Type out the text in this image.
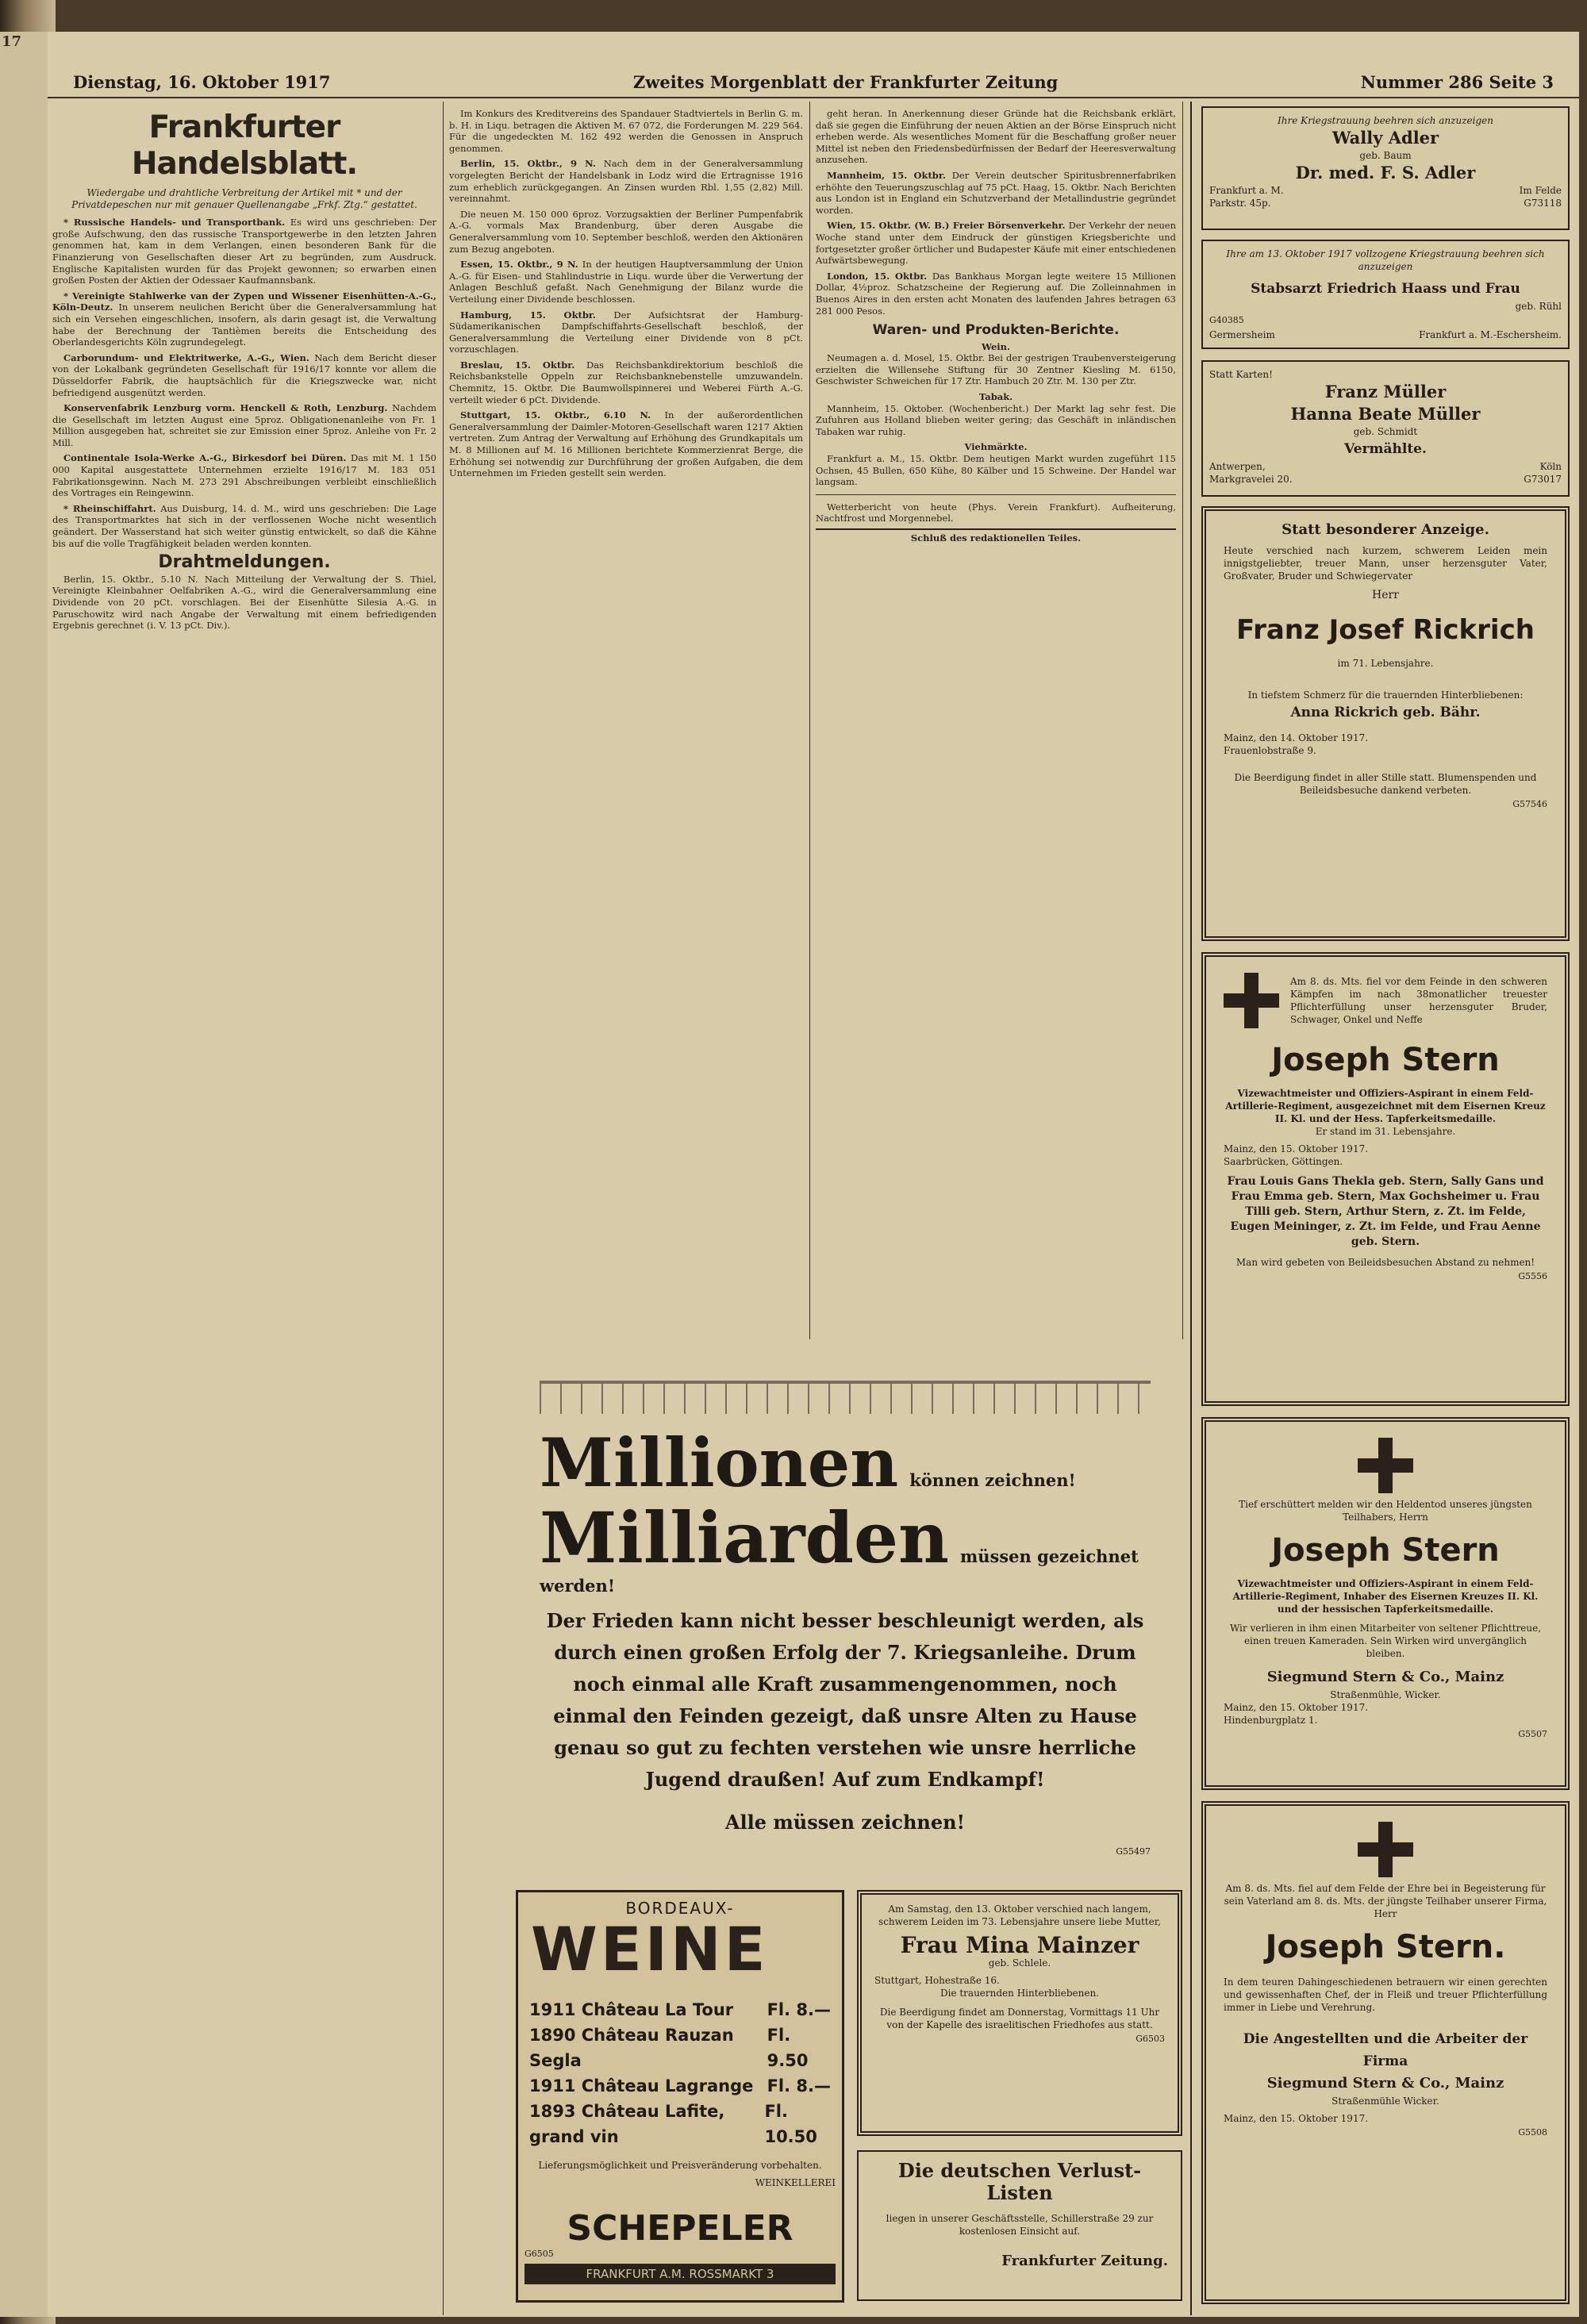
17
Dienstag, 16. Oktober 1917	Zweites Morgenblatt der Frankfurter Zeitung	Nummer 286 Seite 3
Frankfurter Handelsblatt.
Wiedergabe und drahtliche Verbreitung der Artikel mit * und der Privatdepeschen nur mit genauer Quellenangabe „Frkf. Ztg.“ gestattet.

* Russische Handels- und Transportbank. Es wird uns geschrieben: Der große Aufschwung, den das russische Transportgewerbe in den letzten Jahren genommen hat, kam in dem Verlangen, einen besonderen Bank für die Finanzierung von Gesellschaften dieser Art zu begründen, zum Ausdruck. Englische Kapitalisten wurden für das Projekt gewonnen; so erwarben einen großen Posten der Aktien der Odessaer Kaufmannsbank.

* Vereinigte Stahlwerke van der Zypen und Wissener Eisenhütten-A.-G., Köln-Deutz. In unserem neulichen Bericht über die Generalversammlung hat sich ein Versehen eingeschlichen, insofern, als darin gesagt ist, die Verwaltung habe der Berechnung der Tantièmen bereits die Entscheidung des Oberlandesgerichts Köln zugrundegelegt.

Carborundum- und Elektritwerke, A.-G., Wien. Nach dem Bericht dieser von der Lokalbank gegründeten Gesellschaft für 1916/17 konnte vor allem die Düsseldorfer Fabrik, die hauptsächlich für die Kriegszwecke war, nicht befriedigend ausgenützt werden.

Konservenfabrik Lenzburg vorm. Henckell & Roth, Lenzburg. Nachdem die Gesellschaft im letzten August eine 5proz. Obligationenanleihe von Fr. 1 Million ausgegeben hat, schreitet sie zur Emission einer 5proz. Anleihe von Fr. 2 Mill.

Continentale Isola-Werke A.-G., Birkesdorf bei Düren. Das mit M. 1 150 000 Kapital ausgestattete Unternehmen erzielte 1916/17 M. 183 051 Fabrikationsgewinn. Nach M. 273 291 Abschreibungen verbleibt einschließlich des Vortrages ein Reingewinn.

* Rheinschiffahrt. Aus Duisburg, 14. d. M., wird uns geschrieben: Die Lage des Transportmarktes hat sich in der verflossenen Woche nicht wesentlich geändert. Der Wasserstand hat sich weiter günstig entwickelt, so daß die Kähne bis auf die volle Tragfähigkeit beladen werden konnten.

Drahtmeldungen.

Berlin, 15. Oktbr., 5.10 N. Nach Mitteilung der Verwaltung der S. Thiel, Vereinigte Kleinbahner Oelfabriken A.-G., wird die Generalversammlung eine Dividende von 20 pCt. vorschlagen. Bei der Eisenhütte Silesia A.-G. in Paruschowitz wird nach Angabe der Verwaltung mit einem befriedigenden Ergebnis gerechnet (i. V. 13 pCt. Div.).

Im Konkurs des Kreditvereins des Spandauer Stadtviertels in Berlin G. m. b. H. in Liqu. betragen die Aktiven M. 67 072, die Forderungen M. 229 564. Für die ungedeckten M. 162 492 werden die Genossen in Anspruch genommen.

Berlin, 15. Oktbr., 9 N. Nach dem in der Generalversammlung vorgelegten Bericht der Handelsbank in Lodz wird die Ertragnisse 1916 zum erheblich zurückgegangen. An Zinsen wurden Rbl. 1,55 (2,82) Mill. vereinnahmt.

Die neuen M. 150 000 6proz. Vorzugsaktien der Berliner Pumpenfabrik A.-G. vormals Max Brandenburg, über deren Ausgabe die Generalversammlung vom 10. September beschloß, werden den Aktionären zum Bezug angeboten.

Essen, 15. Oktbr., 9 N. In der heutigen Hauptversammlung der Union A.-G. für Eisen- und Stahlindustrie in Liqu. wurde über die Verwertung der Anlagen Beschluß gefaßt. Nach Genehmigung der Bilanz wurde die Verteilung einer Dividende beschlossen.

Hamburg, 15. Oktbr. Der Aufsichtsrat der Hamburg-Südamerikanischen Dampfschiffahrts-Gesellschaft beschloß, der Generalversammlung die Verteilung einer Dividende von 8 pCt. vorzuschlagen.

Breslau, 15. Oktbr. Das Reichsbankdirektorium beschloß die Reichsbankstelle Oppeln zur Reichsbanknebenstelle umzuwandeln. Chemnitz, 15. Oktbr. Die Baumwollspinnerei und Weberei Fürth A.-G. verteilt wieder 6 pCt. Dividende.

Stuttgart, 15. Oktbr., 6.10 N. In der außerordentlichen Generalversammlung der Daimler-Motoren-Gesellschaft waren 1217 Aktien vertreten. Zum Antrag der Verwaltung auf Erhöhung des Grundkapitals um M. 8 Millionen auf M. 16 Millionen berichtete Kommerzienrat Berge, die Erhöhung sei notwendig zur Durchführung der großen Aufgaben, die dem Unternehmen im Frieden gestellt sein werden.

geht heran. In Anerkennung dieser Gründe hat die Reichsbank erklärt, daß sie gegen die Einführung der neuen Aktien an der Börse Einspruch nicht erheben werde. Als wesentliches Moment für die Beschaffung großer neuer Mittel ist neben den Friedensbedürfnissen der Bedarf der Heeresverwaltung anzusehen.

Mannheim, 15. Oktbr. Der Verein deutscher Spiritusbrennerfabriken erhöhte den Teuerungszuschlag auf 75 pCt. Haag, 15. Oktbr. Nach Berichten aus London ist in England ein Schutzverband der Metallindustrie gegründet worden.

Wien, 15. Oktbr. (W. B.) Freier Börsenverkehr. Der Verkehr der neuen Woche stand unter dem Eindruck der günstigen Kriegsberichte und fortgesetzter großer örtlicher und Budapester Käufe mit einer entschiedenen Aufwärtsbewegung.

London, 15. Oktbr. Das Bankhaus Morgan legte weitere 15 Millionen Dollar, 4½proz. Schatzscheine der Regierung auf. Die Zolleinnahmen in Buenos Aires in den ersten acht Monaten des laufenden Jahres betragen 63 281 000 Pesos.

Waren- und Produkten-Berichte.
Wein.

Neumagen a. d. Mosel, 15. Oktbr. Bei der gestrigen Traubenversteigerung erzielten die Willensehe Stiftung für 30 Zentner Kiesling M. 6150, Geschwister Schweichen für 17 Ztr. Hambuch 20 Ztr. M. 130 per Ztr.

Tabak.

Mannheim, 15. Oktober. (Wochenbericht.) Der Markt lag sehr fest. Die Zufuhren aus Holland blieben weiter gering; das Geschäft in inländischen Tabaken war ruhig.

Viehmärkte.

Frankfurt a. M., 15. Oktbr. Dem heutigen Markt wurden zugeführt 115 Ochsen, 45 Bullen, 650 Kühe, 80 Kälber und 15 Schweine. Der Handel war langsam.

Wetterbericht von heute (Phys. Verein Frankfurt). Aufheiterung, Nachtfrost und Morgennebel.

Schluß des redaktionellen Teiles.
Ihre Kriegstrauung beehren sich anzuzeigen
Wally Adler
geb. Baum
Dr. med. F. S. Adler
Frankfurt a. M.	Im Felde
Parkstr. 45p.	G73118
Ihre am 13. Oktober 1917 vollzogene Kriegstrauung beehren sich anzuzeigen
Stabsarzt Friedrich Haass und Frau
geb. Rühl
G40385
Germersheim	Frankfurt a. M.-Eschersheim.
Statt Karten!
Franz Müller
Hanna Beate Müller
geb. Schmidt
Vermählte.
Antwerpen,	Köln
Markgravelei 20.	G73017
Statt besonderer Anzeige.
Heute verschied nach kurzem, schwerem Leiden mein innigstgeliebter, treuer Mann, unser herzensguter Vater, Großvater, Bruder und Schwiegervater
Herr
Franz Josef Rickrich
im 71. Lebensjahre.
In tiefstem Schmerz für die trauernden Hinterbliebenen:
Anna Rickrich geb. Bähr.
Mainz, den 14. Oktober 1917.
Frauenlobstraße 9.
Die Beerdigung findet in aller Stille statt. Blumenspenden und Beileidsbesuche dankend verbeten.
G57546
Am 8. ds. Mts. fiel vor dem Feinde in den schweren Kämpfen im nach 38monatlicher treuester Pflichterfüllung unser herzensguter Bruder, Schwager, Onkel und Neffe
Joseph Stern
Vizewachtmeister und Offiziers-Aspirant in einem Feld-Artillerie-Regiment, ausgezeichnet mit dem Eisernen Kreuz II. Kl. und der Hess. Tapferkeitsmedaille.
Er stand im 31. Lebensjahre.
Mainz, den 15. Oktober 1917.
Saarbrücken, Göttingen.
Frau Louis Gans Thekla geb. Stern, Sally Gans und Frau Emma geb. Stern, Max Gochsheimer u. Frau Tilli geb. Stern, Arthur Stern, z. Zt. im Felde, Eugen Meininger, z. Zt. im Felde, und Frau Aenne geb. Stern.
Man wird gebeten von Beileidsbesuchen Abstand zu nehmen!
G5556
Tief erschüttert melden wir den Heldentod unseres jüngsten Teilhabers, Herrn
Joseph Stern
Vizewachtmeister und Offiziers-Aspirant in einem Feld-Artillerie-Regiment, Inhaber des Eisernen Kreuzes II. Kl. und der hessischen Tapferkeitsmedaille.
Wir verlieren in ihm einen Mitarbeiter von seltener Pflichttreue, einen treuen Kameraden. Sein Wirken wird unvergänglich bleiben.
Siegmund Stern & Co., Mainz
Straßenmühle, Wicker.
Mainz, den 15. Oktober 1917.
Hindenburgplatz 1.
G5507
Am 8. ds. Mts. fiel auf dem Felde der Ehre bei in Begeisterung für sein Vaterland am 8. ds. Mts. der jüngste Teilhaber unserer Firma, Herr
Joseph Stern.
In dem teuren Dahingeschiedenen betrauern wir einen gerechten und gewissenhaften Chef, der in Fleiß und treuer Pflichterfüllung immer in Liebe und Verehrung.
Die Angestellten und die Arbeiter der Firma
Siegmund Stern & Co., Mainz
Straßenmühle Wicker.
Mainz, den 15. Oktober 1917.
G5508
Millionen können zeichnen!
Milliarden müssen gezeichnet werden!
Der Frieden kann nicht besser beschleunigt werden, als durch einen großen Erfolg der 7. Kriegsanleihe. Drum noch einmal alle Kraft zusammengenommen, noch einmal den Feinden gezeigt, daß unsre Alten zu Hause genau so gut zu fechten verstehen wie unsre herrliche Jugend draußen! Auf zum Endkampf!
Alle müssen zeichnen!
G55497
BORDEAUX-
WEINE
1911 Château La Tour Fl. 8.—
1890 Château Rauzan Segla
Fl. 9.50
1911 Château Lagrange Fl. 8.—
1893 Château Lafite, grand vin
Fl. 10.50
Lieferungsmöglichkeit und Preisveränderung vorbehalten.
WEINKELLEREI
SCHEPELER
G6505
FRANKFURT A.M. ROSSMARKT 3
Am Samstag, den 13. Oktober verschied nach langem, schwerem Leiden im 73. Lebensjahre unsere liebe Mutter,
Frau Mina Mainzer
geb. Schlele.
Stuttgart, Hohestraße 16.
Die trauernden Hinterbliebenen.
Die Beerdigung findet am Donnerstag, Vormittags 11 Uhr von der Kapelle des israelitischen Friedhofes aus statt.
G6503
Die deutschen Verlust-Listen
liegen in unserer Geschäftsstelle, Schillerstraße 29 zur kostenlosen Einsicht auf.
Frankfurter Zeitung.
